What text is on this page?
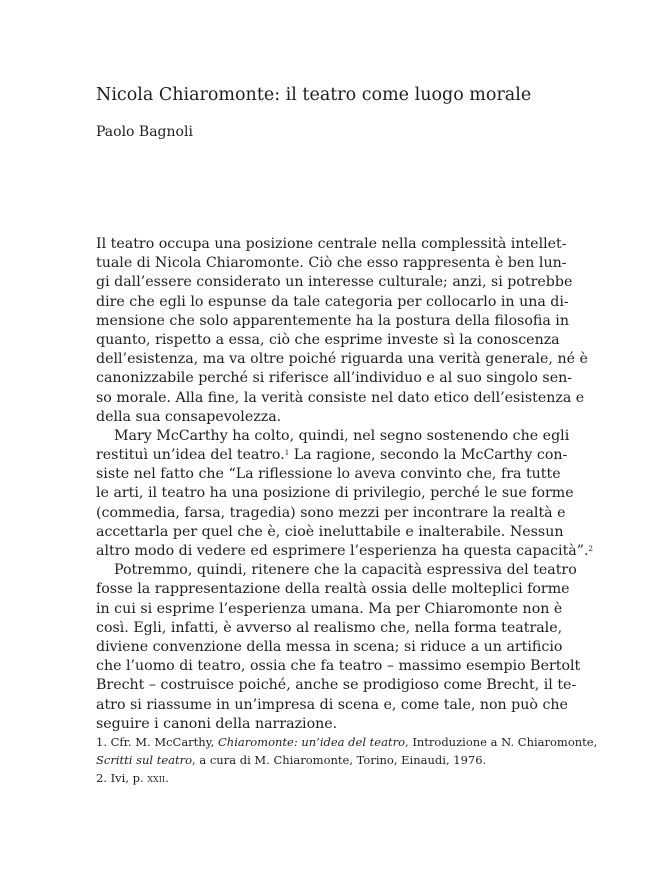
Nicola Chiaromonte: il teatro come luogo morale
Paolo Bagnoli
Il teatro occupa una posizione centrale nella complessità intellet-
tuale di Nicola Chiaromonte. Ciò che esso rappresenta è ben lun-
gi dall’essere considerato un interesse culturale; anzi, si potrebbe
dire che egli lo espunse da tale categoria per collocarlo in una di-
mensione che solo apparentemente ha la postura della filosofia in
quanto, rispetto a essa, ciò che esprime investe sì la conoscenza
dell’esistenza, ma va oltre poiché riguarda una verità generale, né è
canonizzabile perché si riferisce all’individuo e al suo singolo sen-
so morale. Alla fine, la verità consiste nel dato etico dell’esistenza e
della sua consapevolezza.
Mary McCarthy ha colto, quindi, nel segno sostenendo che egli
restituì un’idea del teatro.$^1$ La ragione, secondo la McCarthy con-
siste nel fatto che “La riflessione lo aveva convinto che, fra tutte
le arti, il teatro ha una posizione di privilegio, perché le sue forme
(commedia, farsa, tragedia) sono mezzi per incontrare la realtà e
accettarla per quel che è, cioè ineluttabile e inalterabile. Nessun
altro modo di vedere ed esprimere l’esperienza ha questa capacità”.$^2$
Potremmo, quindi, ritenere che la capacità espressiva del teatro
fosse la rappresentazione della realtà ossia delle molteplici forme
in cui si esprime l’esperienza umana. Ma per Chiaromonte non è
così. Egli, infatti, è avverso al realismo che, nella forma teatrale,
diviene convenzione della messa in scena; si riduce a un artificio
che l’uomo di teatro, ossia che fa teatro – massimo esempio Bertolt
Brecht – costruisce poiché, anche se prodigioso come Brecht, il te-
atro si riassume in un’impresa di scena e, come tale, non può che
seguire i canoni della narrazione.
1. Cfr. M. McCarthy, Chiaromonte: un’idea del teatro, Introduzione a N. Chiaromonte,
Scritti sul teatro, a cura di M. Chiaromonte, Torino, Einaudi, 1976.
2. Ivi, p. xxii.
